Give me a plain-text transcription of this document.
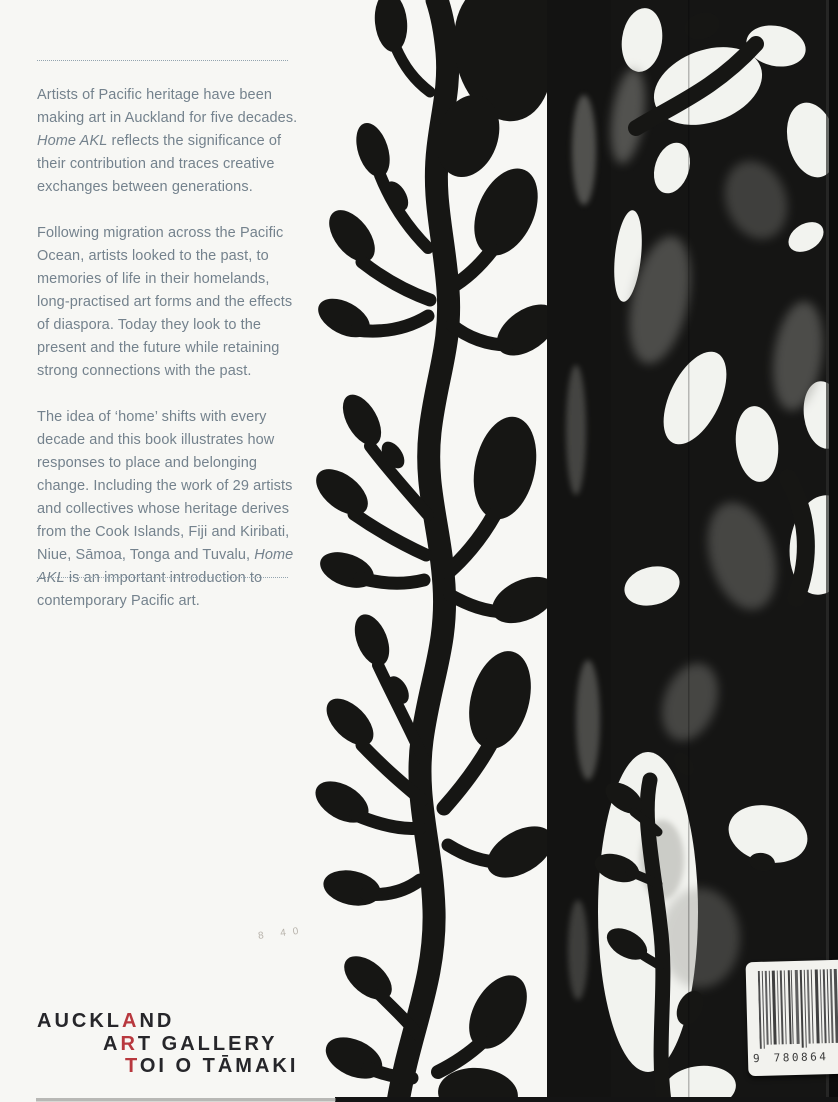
Artists of Pacific heritage have been making art in Auckland for five decades. Home AKL reflects the significance of their contribution and traces creative exchanges between generations.

Following migration across the Pacific Ocean, artists looked to the past, to memories of life in their homelands, long‑practised art forms and the effects of diaspora. Today they look to the present and the future while retaining strong connections with the past.

The idea of ‘home’ shifts with every decade and this book illustrates how responses to place and belonging change. Including the work of 29 artists and collectives whose heritage derives from the Cook Islands, Fiji and Kiribati, Niue, Sāmoa, Tonga and Tuvalu, Home AKL is an important introduction to contemporary Pacific art.

8 40
AUCKLAND
ART GALLERY
TOI O TĀMAKI	9 780864
